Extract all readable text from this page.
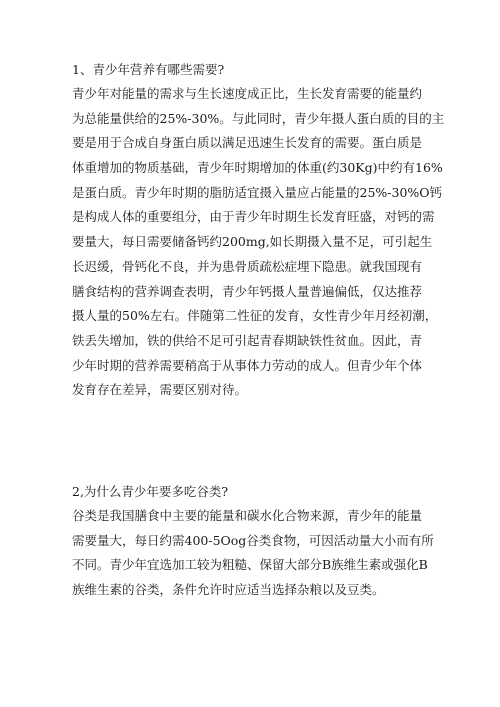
1、青少年营养有哪些需要?
青少年对能量的需求与生长速度成正比，生长发育需要的能量约
为总能量供给的25%-30%。与此同时，青少年摄人蛋白质的目的主
要是用于合成自身蛋白质以满足迅速生长发育的需要。蛋白质是
体重增加的物质基础，青少年时期增加的体重(约30Kg)中约有16%
是蛋白质。青少年时期的脂肪适宜摄入量应占能量的25%-30%O钙
是构成人体的重要组分，由于青少年时期生长发育旺盛，对钙的需
要量大，每日需要储备钙约200mg,如长期摄入量不足，可引起生
长迟缓，骨钙化不良，并为患骨质疏松症埋下隐患。就我国现有
膳食结构的营养调查表明，青少年钙摄人量普遍偏低，仅达推荐
摄人量的50%左右。伴随第二性征的发育，女性青少年月经初潮，
铁丢失增加，铁的供给不足可引起青春期缺铁性贫血。因此，青
少年时期的营养需要稍高于从事体力劳动的成人。但青少年个体
发育存在差异，需要区别对待。
2,为什么青少年要多吃谷类?
谷类是我国膳食中主要的能量和碳水化合物来源，青少年的能量
需要量大，每日约需400-5Oog谷类食物，可因活动量大小而有所
不同。青少年宜选加工较为粗糙、保留大部分B族维生素或强化B
族维生素的谷类，条件允许时应适当选择杂粮以及豆类。
